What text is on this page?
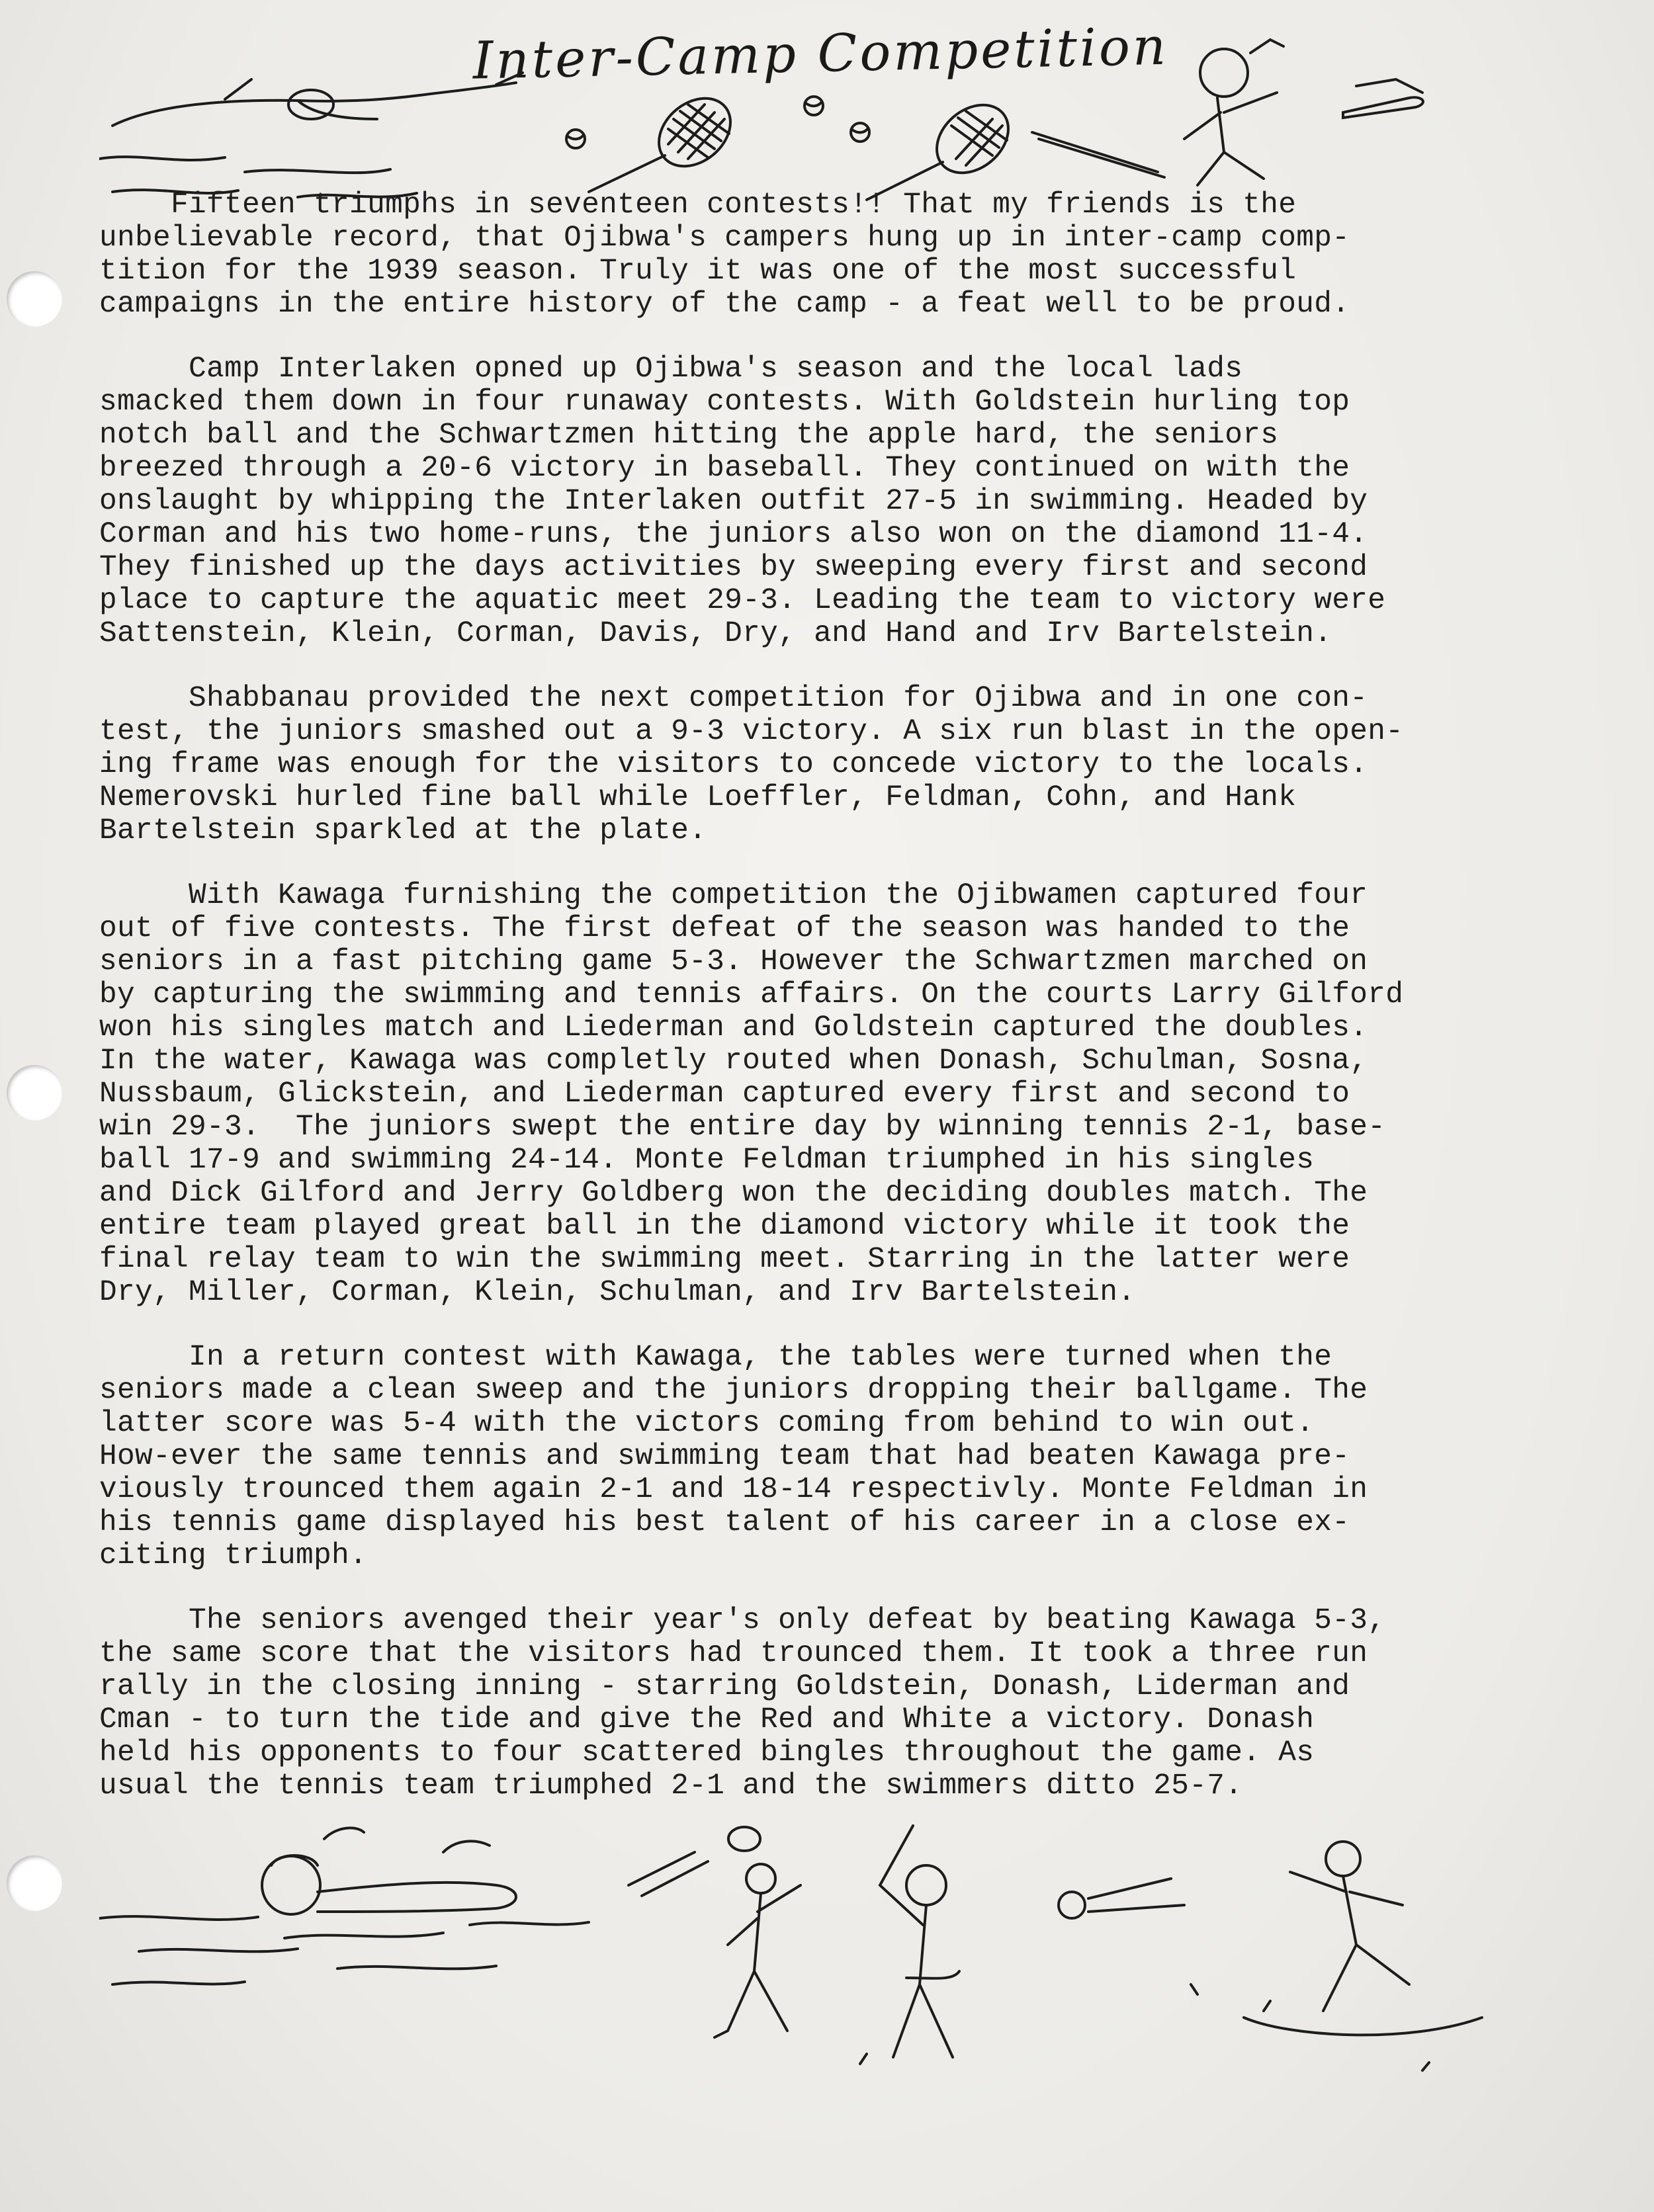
Inter-Camp Competition
Fifteen triumphs in seventeen contests!! That my friends is the
unbelievable record, that Ojibwa's campers hung up in inter-camp comp-
tition for the 1939 season. Truly it was one of the most successful
campaigns in the entire history of the camp - a feat well to be proud.
Camp Interlaken opned up Ojibwa's season and the local lads
smacked them down in four runaway contests. With Goldstein hurling top
notch ball and the Schwartzmen hitting the apple hard, the seniors
breezed through a 20-6 victory in baseball. They continued on with the
onslaught by whipping the Interlaken outfit 27-5 in swimming. Headed by
Corman and his two home-runs, the juniors also won on the diamond 11-4.
They finished up the days activities by sweeping every first and second
place to capture the aquatic meet 29-3. Leading the team to victory were
Sattenstein, Klein, Corman, Davis, Dry, and Hand and Irv Bartelstein.
Shabbanau provided the next competition for Ojibwa and in one con-
test, the juniors smashed out a 9-3 victory. A six run blast in the open-
ing frame was enough for the visitors to concede victory to the locals.
Nemerovski hurled fine ball while Loeffler, Feldman, Cohn, and Hank
Bartelstein sparkled at the plate.
With Kawaga furnishing the competition the Ojibwamen captured four
out of five contests. The first defeat of the season was handed to the
seniors in a fast pitching game 5-3. However the Schwartzmen marched on
by capturing the swimming and tennis affairs. On the courts Larry Gilford
won his singles match and Liederman and Goldstein captured the doubles.
In the water, Kawaga was completly routed when Donash, Schulman, Sosna,
Nussbaum, Glickstein, and Liederman captured every first and second to
win 29-3.  The juniors swept the entire day by winning tennis 2-1, base-
ball 17-9 and swimming 24-14. Monte Feldman triumphed in his singles
and Dick Gilford and Jerry Goldberg won the deciding doubles match. The
entire team played great ball in the diamond victory while it took the
final relay team to win the swimming meet. Starring in the latter were
Dry, Miller, Corman, Klein, Schulman, and Irv Bartelstein.
In a return contest with Kawaga, the tables were turned when the
seniors made a clean sweep and the juniors dropping their ballgame. The
latter score was 5-4 with the victors coming from behind to win out.
How-ever the same tennis and swimming team that had beaten Kawaga pre-
viously trounced them again 2-1 and 18-14 respectivly. Monte Feldman in
his tennis game displayed his best talent of his career in a close ex-
citing triumph.
The seniors avenged their year's only defeat by beating Kawaga 5-3,
the same score that the visitors had trounced them. It took a three run
rally in the closing inning - starring Goldstein, Donash, Liderman and
Cman - to turn the tide and give the Red and White a victory. Donash
held his opponents to four scattered bingles throughout the game. As
usual the tennis team triumphed 2-1 and the swimmers ditto 25-7.
